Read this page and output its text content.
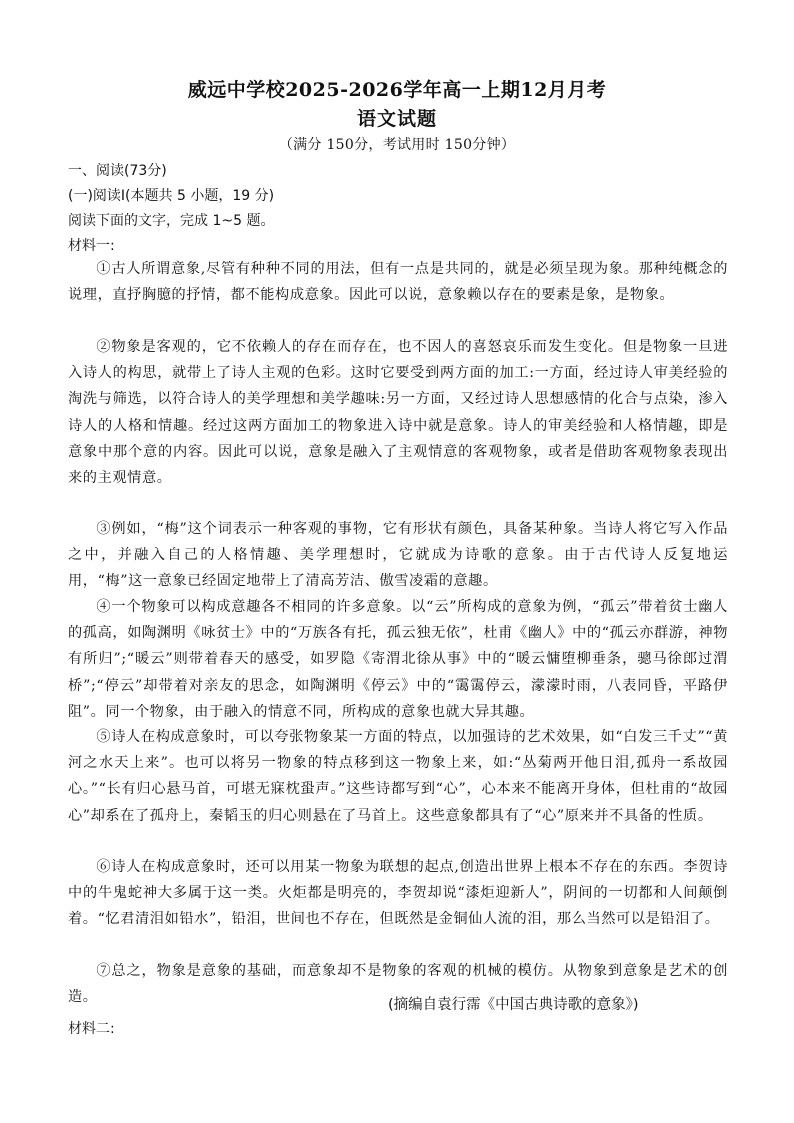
威远中学校2025-2026学年高一上期12月月考
语文试题
（满分 150分，考试用时 150分钟）
一、阅读(73分)
(一)阅读I(本题共 5 小题，19 分)
阅读下面的文字，完成 1~5 题。
材料一:
①古人所谓意象,尽管有种种不同的用法，但有一点是共同的，就是必须呈现为象。那种纯概念的说理，直抒胸臆的抒情，都不能构成意象。因此可以说，意象赖以存在的要素是象，是物象。
②物象是客观的，它不依赖人的存在而存在，也不因人的喜怒哀乐而发生变化。但是物象一旦进入诗人的构思，就带上了诗人主观的色彩。这时它要受到两方面的加工:一方面，经过诗人审美经验的淘洗与筛选，以符合诗人的美学理想和美学趣味:另一方面，又经过诗人思想感情的化合与点染，渗入诗人的人格和情趣。经过这两方面加工的物象进入诗中就是意象。诗人的审美经验和人格情趣，即是意象中那个意的内容。因此可以说，意象是融入了主观情意的客观物象，或者是借助客观物象表现出来的主观情意。
③例如，“梅”这个词表示一种客观的事物，它有形状有颜色，具备某种象。当诗人将它写入作品之中，并融入自己的人格情趣、美学理想时，它就成为诗歌的意象。由于古代诗人反复地运用，“梅”这一意象已经固定地带上了清高芳洁、傲雪凌霜的意趣。
④一个物象可以构成意趣各不相同的许多意象。以“云”所构成的意象为例，“孤云”带着贫士幽人的孤高，如陶渊明《咏贫士》中的“万族各有托，孤云独无依”，杜甫《幽人》中的“孤云亦群游，神物有所归”;“暖云”则带着春天的感受，如罗隐《寄渭北徐从事》中的“暖云慵堕柳垂条，骢马徐郎过渭桥”;“停云”却带着对亲友的思念，如陶渊明《停云》中的“霭霭停云，濛濛时雨，八表同昏，平路伊阻”。同一个物象，由于融入的情意不同，所构成的意象也就大异其趣。
⑤诗人在构成意象时，可以夸张物象某一方面的特点，以加强诗的艺术效果，如“白发三千丈”“黄河之水天上来”。也可以将另一物象的特点移到这一物象上来，如:“丛菊两开他日泪,孤舟一系故园心。”“长有归心悬马首，可堪无寐枕蛩声。”这些诗都写到“心”，心本来不能离开身体，但杜甫的“故园心”却系在了孤舟上，秦韬玉的归心则悬在了马首上。这些意象都具有了“心”原来并不具备的性质。
⑥诗人在构成意象时，还可以用某一物象为联想的起点,创造出世界上根本不存在的东西。李贺诗中的牛鬼蛇神大多属于这一类。火炬都是明亮的，李贺却说“漆炬迎新人”，阴间的一切都和人间颠倒着。“忆君清泪如铅水”，铅泪，世间也不存在，但既然是金铜仙人流的泪，那么当然可以是铅泪了。
⑦总之，物象是意象的基础，而意象却不是物象的客观的机械的模仿。从物象到意象是艺术的创造。	(摘编自袁行霈《中国古典诗歌的意象》)
材料二:
